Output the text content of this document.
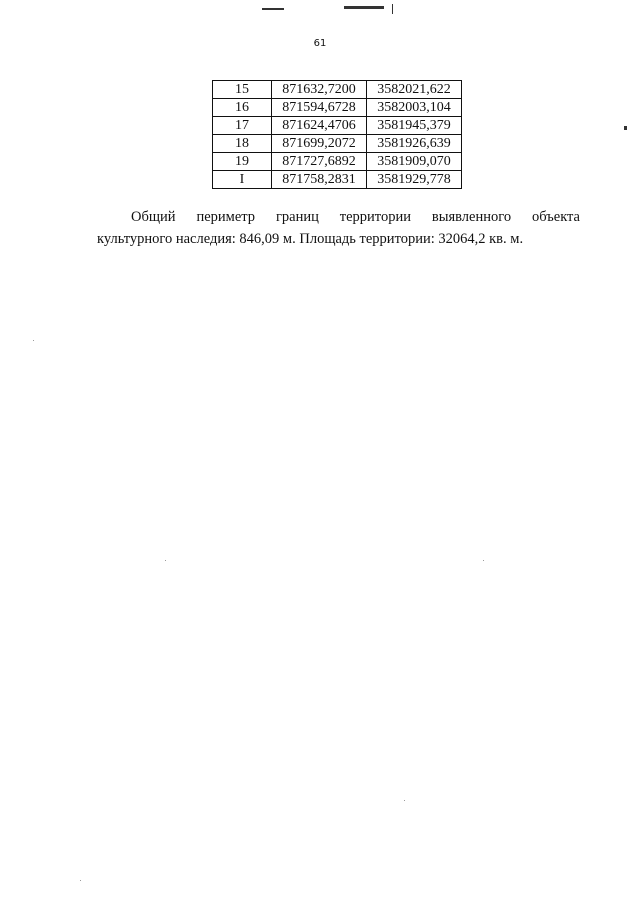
61
15	871632,7200	3582021,622
16	871594,6728	3582003,104
17	871624,4706	3581945,379
18	871699,2072	3581926,639
19	871727,6892	3581909,070
I	871758,2831	3581929,778

Общий периметр границ территории выявленного объекта
культурного наследия: 846,09 м. Площадь территории: 32064,2 кв. м.
